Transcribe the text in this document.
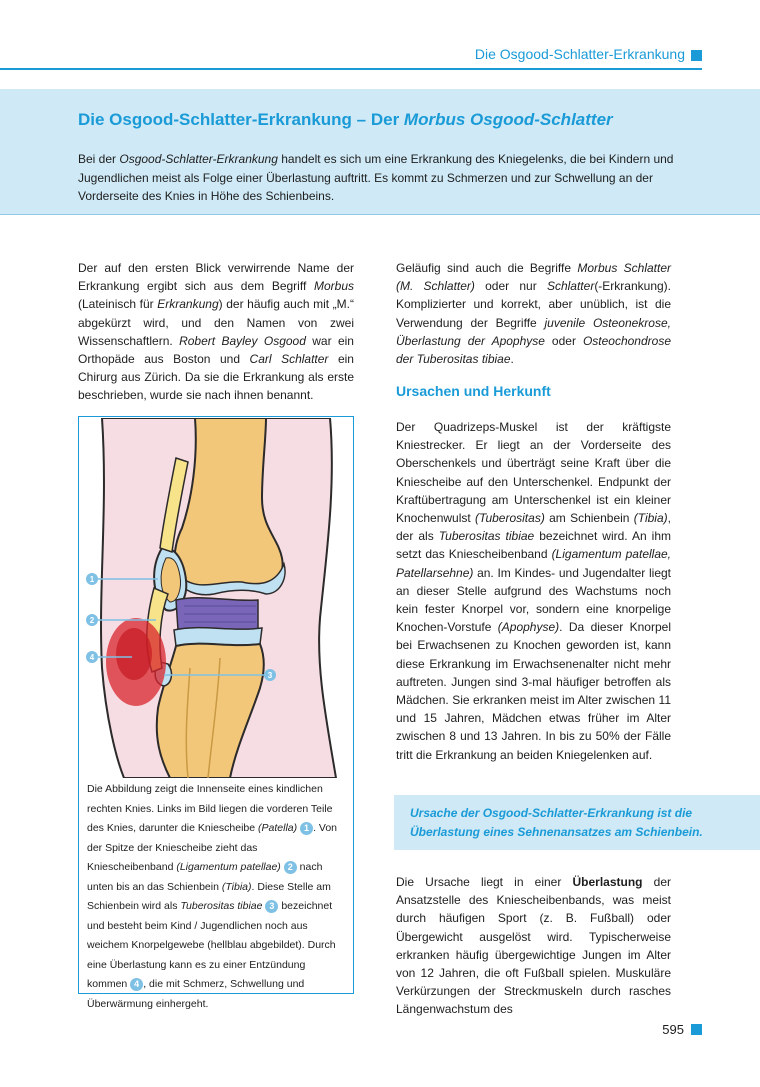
Die Osgood-Schlatter-Erkrankung
Die Osgood-Schlatter-Erkrankung – Der Morbus Osgood-Schlatter
Bei der Osgood-Schlatter-Erkrankung handelt es sich um eine Erkrankung des Kniegelenks, die bei Kindern und Jugendlichen meist als Folge einer Überlastung auftritt. Es kommt zu Schmerzen und zur Schwellung an der Vorderseite des Knies in Höhe des Schienbeins.
Der auf den ersten Blick verwirrende Name der Erkrankung ergibt sich aus dem Begriff Morbus (Lateinisch für Erkrankung) der häufig auch mit „M.“ abgekürzt wird, und den Namen von zwei Wissenschaftlern. Robert Bayley Osgood war ein Orthopäde aus Boston und Carl Schlatter ein Chirurg aus Zürich. Da sie die Erkrankung als erste beschrieben, wurde sie nach ihnen benannt.
Geläufig sind auch die Begriffe Morbus Schlatter (M. Schlatter) oder nur Schlatter(-Erkrankung). Komplizierter und korrekt, aber unüblich, ist die Verwendung der Begriffe juvenile Osteonekrose, Überlastung der Apophyse oder Osteochondrose der Tuberositas tibiae.
Ursachen und Herkunft
Der Quadrizeps-Muskel ist der kräftigste Kniestrecker. Er liegt an der Vorderseite des Oberschenkels und überträgt seine Kraft über die Kniescheibe auf den Unterschenkel. Endpunkt der Kraftübertragung am Unterschenkel ist ein kleiner Knochenwulst (Tuberositas) am Schienbein (Tibia), der als Tuberositas tibiae bezeichnet wird. An ihm setzt das Kniescheibenband (Ligamentum patellae, Patellarsehne) an. Im Kindes- und Jugendalter liegt an dieser Stelle aufgrund des Wachstums noch kein fester Knorpel vor, sondern eine knorpelige Knochen-Vorstufe (Apophyse). Da dieser Knorpel bei Erwachsenen zu Knochen geworden ist, kann diese Erkrankung im Erwachsenenalter nicht mehr auftreten. Jungen sind 3-mal häufiger betroffen als Mädchen. Sie erkranken meist im Alter zwischen 11 und 15 Jahren, Mädchen etwas früher im Alter zwischen 8 und 13 Jahren. In bis zu 50% der Fälle tritt die Erkrankung an beiden Kniegelenken auf.
Ursache der Osgood-Schlatter-Erkrankung ist die Überlastung eines Sehnenansatzes am Schienbein.
Die Ursache liegt in einer Überlastung der Ansatzstelle des Kniescheibenbands, was meist durch häufigen Sport (z. B. Fußball) oder Übergewicht ausgelöst wird. Typischerweise erkranken häufig übergewichtige Jungen im Alter von 12 Jahren, die oft Fußball spielen. Muskuläre Verkürzungen der Streckmuskeln durch rasches Längenwachstum des
1
2
4
3
Die Abbildung zeigt die Innenseite eines kindlichen rechten Knies. Links im Bild liegen die vorderen Teile des Knies, darunter die Kniescheibe (Patella) 1 . Von der Spitze der Kniescheibe zieht das Kniescheibenband (Ligamentum patellae) 2 nach unten bis an das Schienbein (Tibia). Diese Stelle am Schienbein wird als Tuberositas tibiae 3 bezeichnet und besteht beim Kind / Jugendlichen noch aus weichem Knorpelgewebe (hellblau abgebildet). Durch eine Überlastung kann es zu einer Entzündung kommen 4 , die mit Schmerz, Schwellung und Überwärmung einhergeht.
595
